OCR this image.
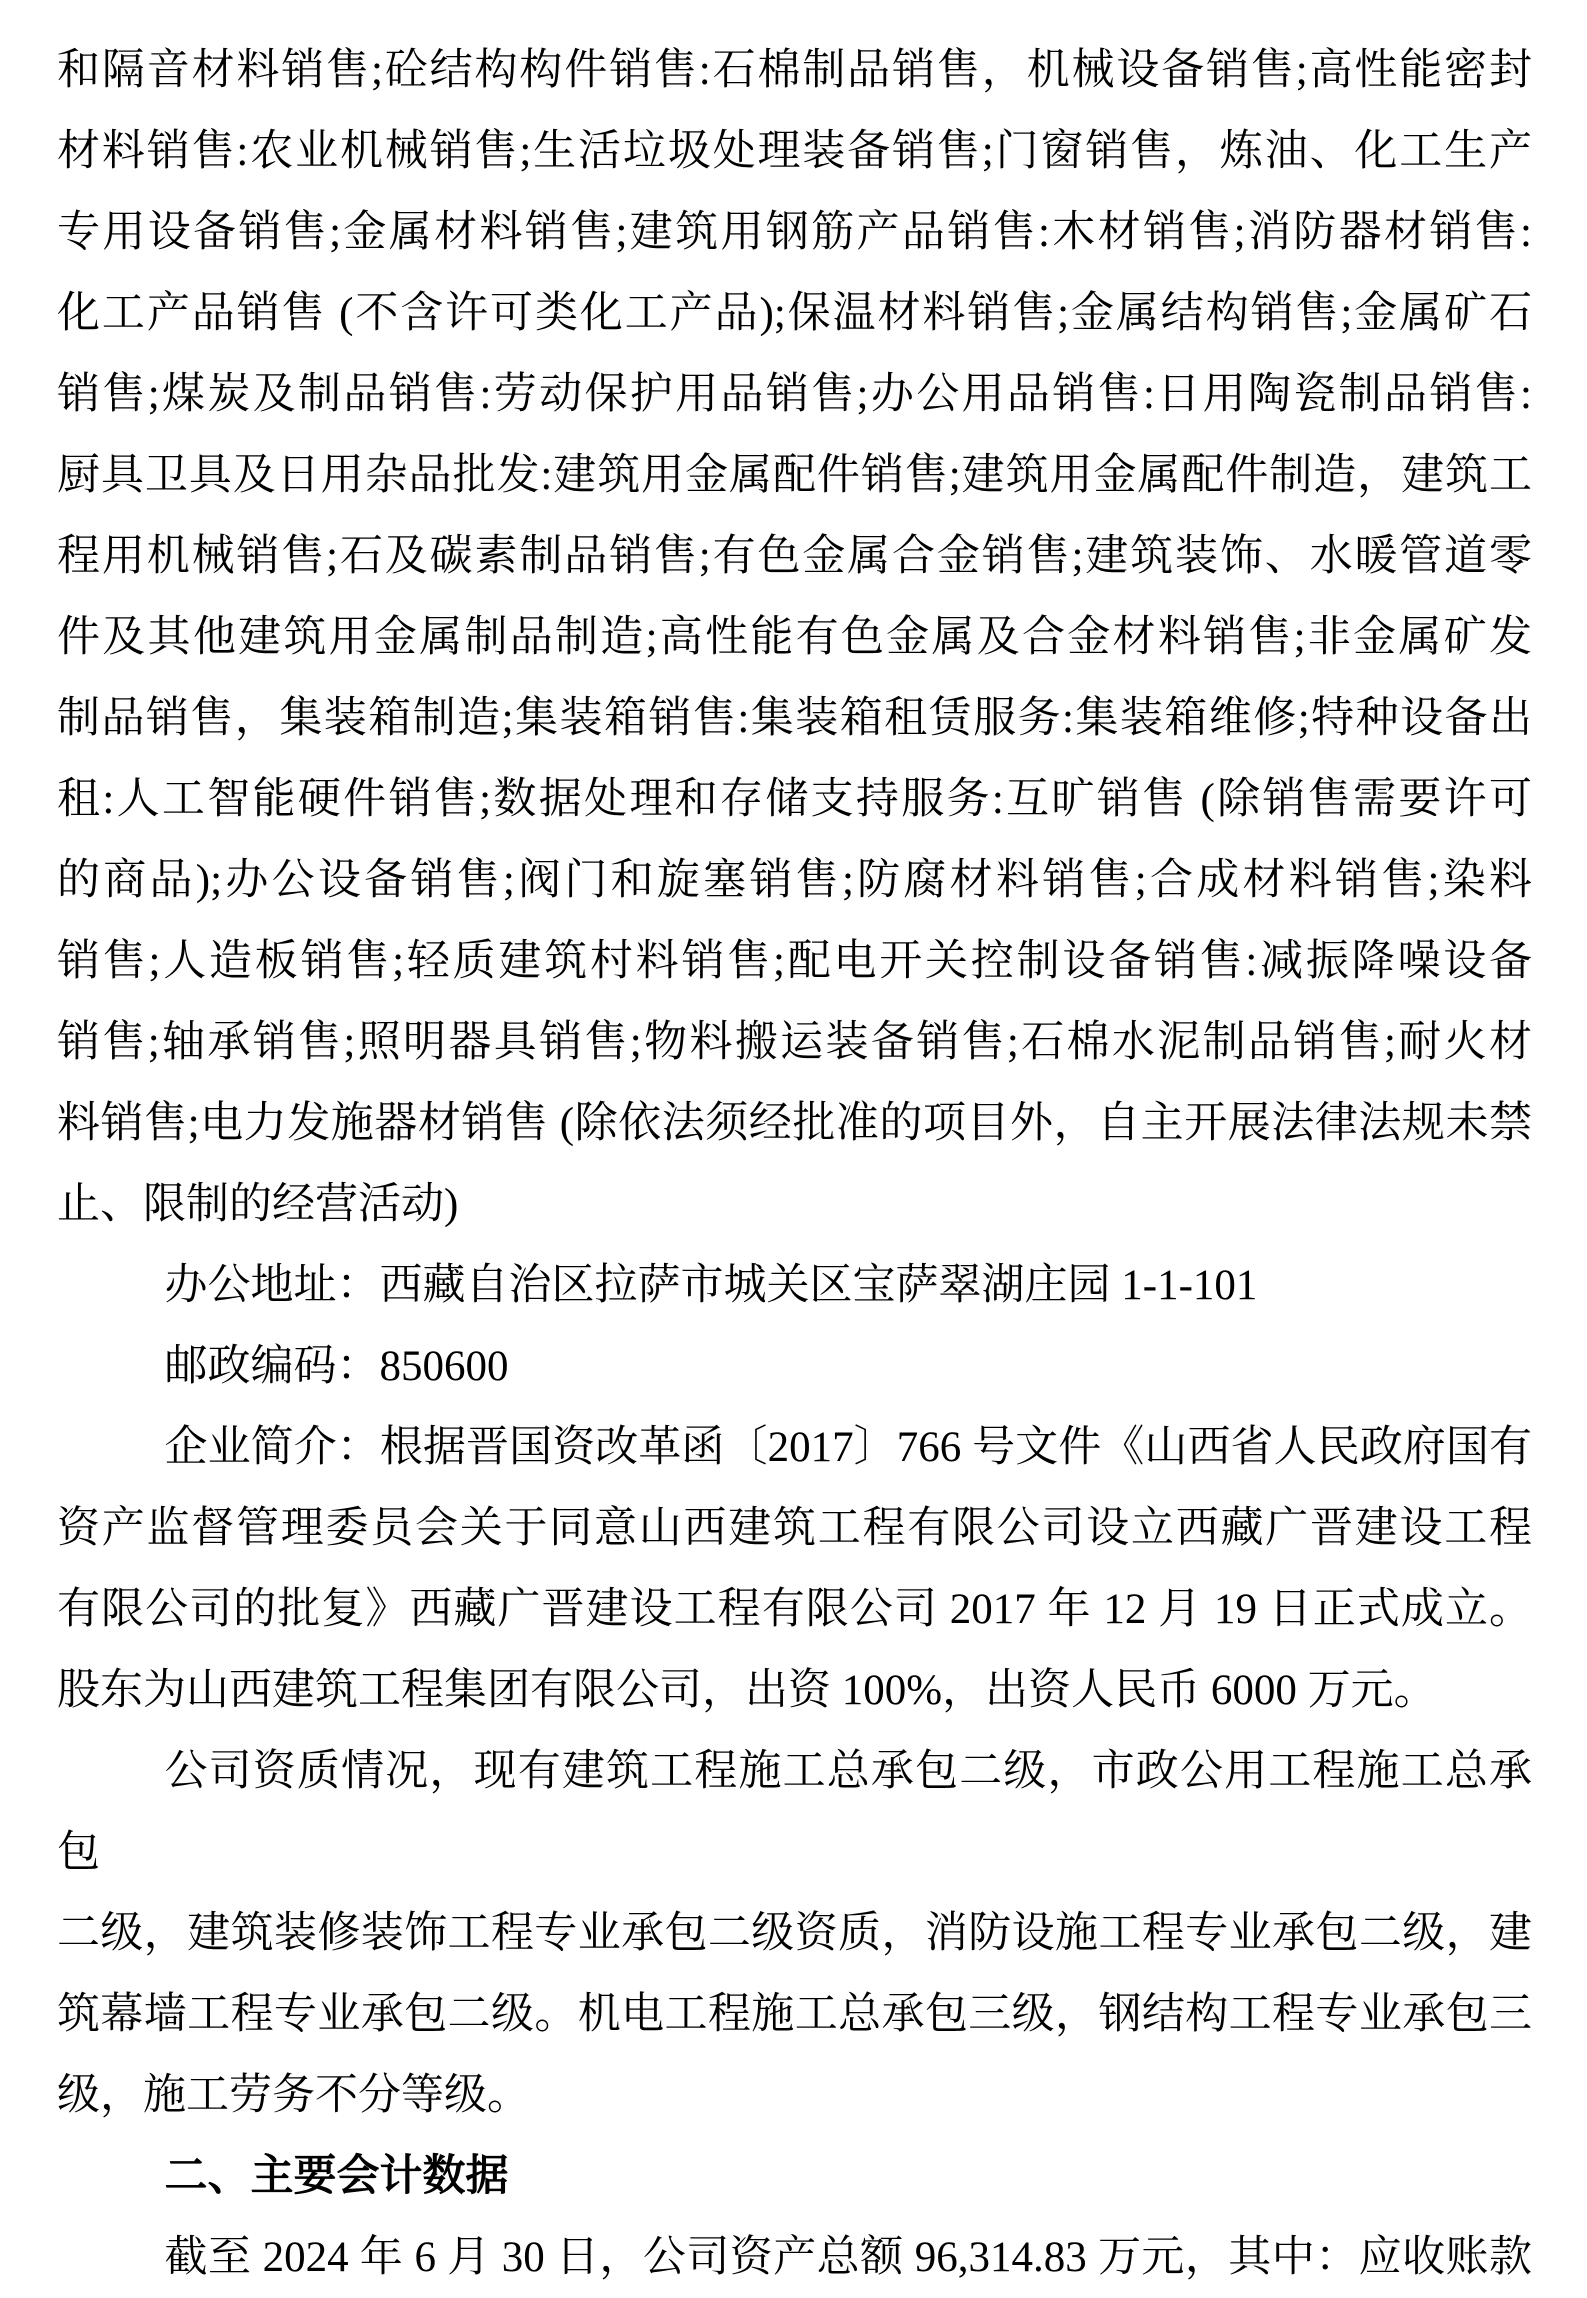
和隔音材料销售;砼结构构件销售:石棉制品销售，机械设备销售;高性能密封
材料销售:农业机械销售;生活垃圾处理装备销售;门窗销售，炼油、化工生产
专用设备销售;金属材料销售;建筑用钢筋产品销售:木材销售;消防器材销售:
化工产品销售 (不含许可类化工产品);保温材料销售;金属结构销售;金属矿石
销售;煤炭及制品销售:劳动保护用品销售;办公用品销售:日用陶瓷制品销售:
厨具卫具及日用杂品批发:建筑用金属配件销售;建筑用金属配件制造，建筑工
程用机械销售;石及碳素制品销售;有色金属合金销售;建筑装饰、水暖管道零
件及其他建筑用金属制品制造;高性能有色金属及合金材料销售;非金属矿发
制品销售，集装箱制造;集装箱销售:集装箱租赁服务:集装箱维修;特种设备出
租:人工智能硬件销售;数据处理和存储支持服务:互旷销售 (除销售需要许可
的商品);办公设备销售;阀门和旋塞销售;防腐材料销售;合成材料销售;染料
销售;人造板销售;轻质建筑村料销售;配电开关控制设备销售:减振降噪设备
销售;轴承销售;照明器具销售;物料搬运装备销售;石棉水泥制品销售;耐火材
料销售;电力发施器材销售 (除依法须经批准的项目外，自主开展法律法规未禁
止、限制的经营活动)
办公地址：西藏自治区拉萨市城关区宝萨翠湖庄园 1-1-101
邮政编码：850600
企业简介：根据晋国资改革函〔2017〕766 号文件《山西省人民政府国有
资产监督管理委员会关于同意山西建筑工程有限公司设立西藏广晋建设工程
有限公司的批复》西藏广晋建设工程有限公司 2017 年 12 月 19 日正式成立。
股东为山西建筑工程集团有限公司，出资 100%，出资人民币 6000 万元。
公司资质情况，现有建筑工程施工总承包二级，市政公用工程施工总承包
二级，建筑装修装饰工程专业承包二级资质，消防设施工程专业承包二级，建
筑幕墙工程专业承包二级。机电工程施工总承包三级，钢结构工程专业承包三
级，施工劳务不分等级。
二、主要会计数据
截至 2024 年 6 月 30 日，公司资产总额 96,314.83 万元，其中：应收账款
